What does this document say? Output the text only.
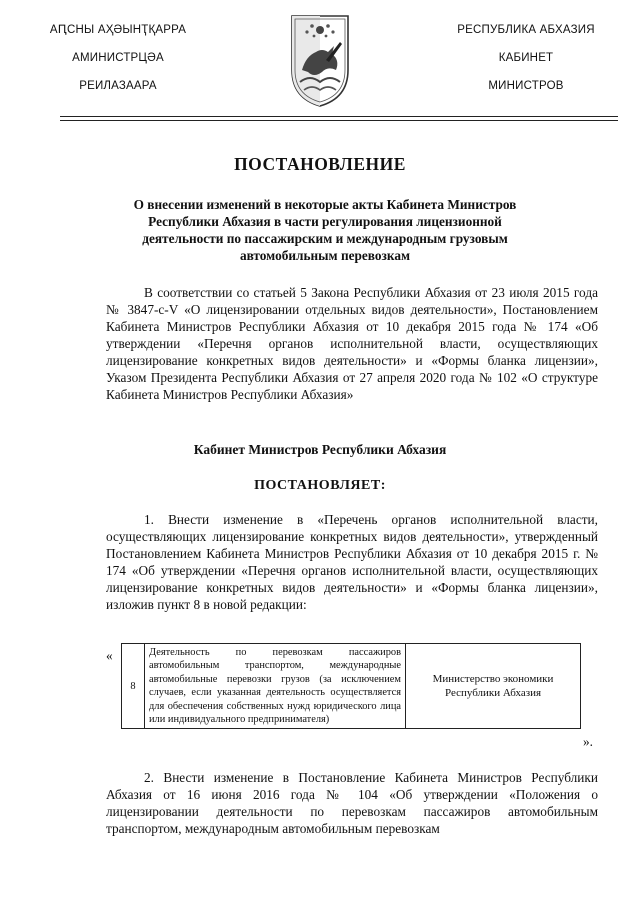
АԤСНЫ АҲӘЫНҬҚАРРА
АМИНИСТРЦӘА
РЕИЛАЗААРА
РЕСПУБЛИКА АБХАЗИЯ
КАБИНЕТ
МИНИСТРОВ
ПОСТАНОВЛЕНИЕ
О внесении изменений в некоторые акты Кабинета Министров Республики Абхазия в части регулирования лицензионной деятельности по пассажирским и международным грузовым автомобильным перевозкам

В соответствии со статьей 5 Закона Республики Абхазия от 23 июля 2015 года № 3847-с-V «О лицензировании отдельных видов деятельности», Постановлением Кабинета Министров Республики Абхазия от 10 декабря 2015 года № 174 «Об утверждении «Перечня органов исполнительной власти, осуществляющих лицензирование конкретных видов деятельности» и «Формы бланка лицензии», Указом Президента Республики Абхазия от 27 апреля 2020 года № 102 «О структуре Кабинета Министров Республики Абхазия»

Кабинет Министров Республики Абхазия
ПОСТАНОВЛЯЕТ:

1. Внести изменение в «Перечень органов исполнительной власти, осуществляющих лицензирование конкретных видов деятельности», утвержденный Постановлением Кабинета Министров Республики Абхазия от 10 декабря 2015 г. № 174 «Об утверждении «Перечня органов исполнительной власти, осуществляющих лицензирование конкретных видов деятельности» и «Формы бланка лицензии», изложив пункт 8 в новой редакции:

«
8	Деятельность по перевозкам пассажиров автомобильным транспортом, международные автомобильные перевозки грузов (за исключением случаев, если указанная деятельность осуществляется для обеспечения собственных нужд юридического лица или индивидуального предпринимателя)	Министерство экономики Республики Абхазия
».

2. Внести изменение в Постановление Кабинета Министров Республики Абхазия от 16 июня 2016 года № 104 «Об утверждении «Положения о лицензировании деятельности по перевозкам пассажиров автомобильным транспортом, международным автомобильным перевозкам
